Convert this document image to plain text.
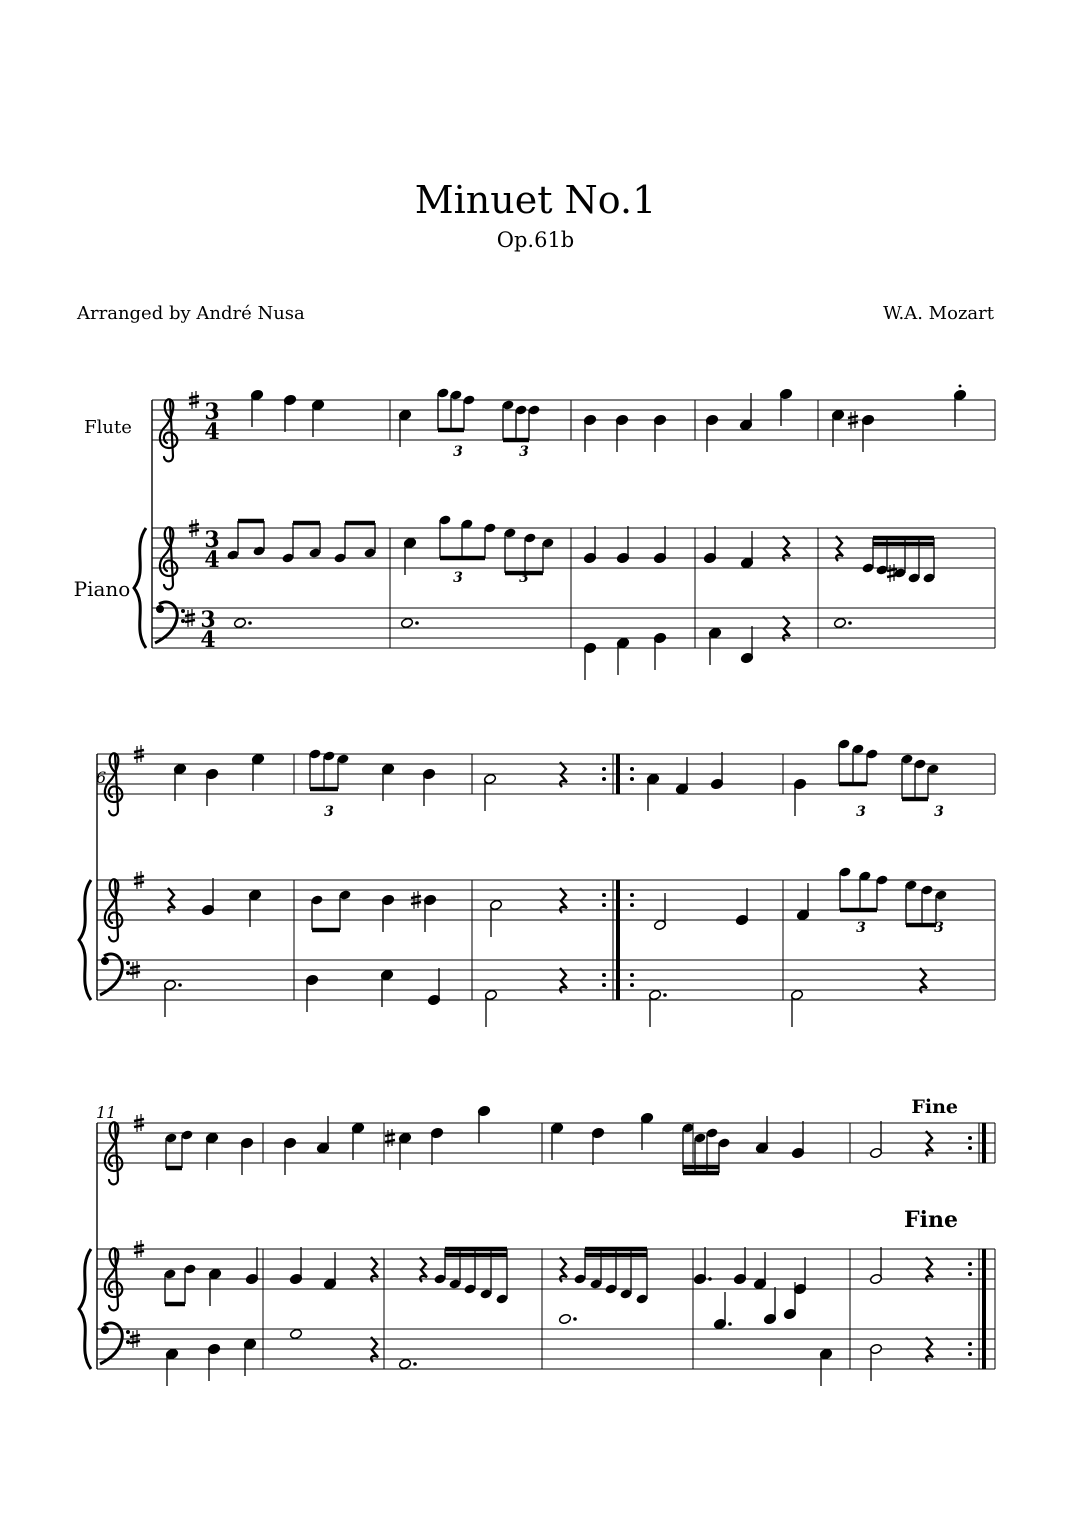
Minuet No.1
Op.61b
Arranged by André Nusa	W.A. Mozart
Flute
Piano
6
11	Fine
Fine
3
4
3
4
3
4
3	3
3	3
3	3	3
3	3
